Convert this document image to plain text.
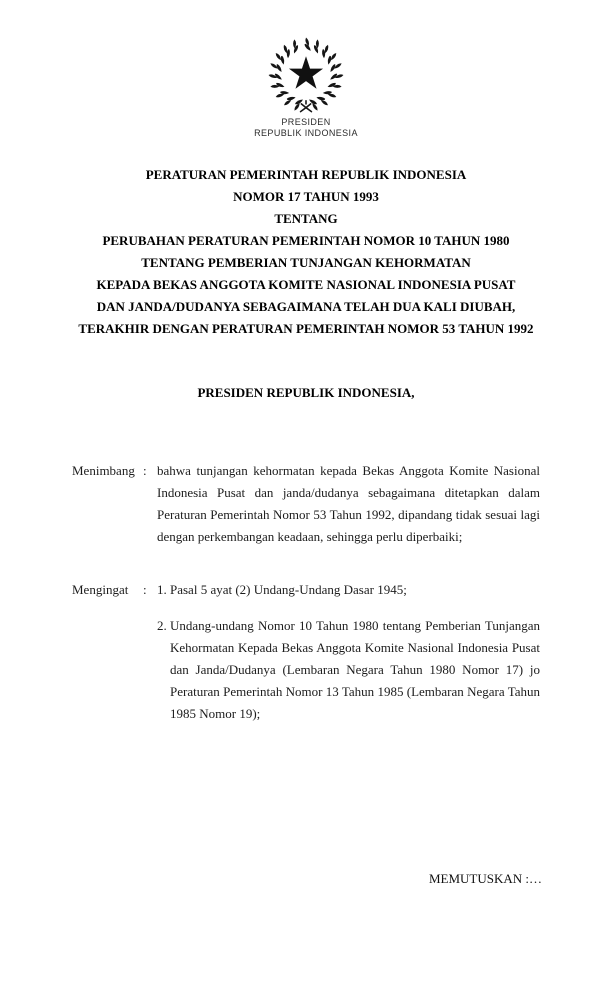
PRESIDEN
REPUBLIK INDONESIA
PERATURAN PEMERINTAH REPUBLIK INDONESIA
NOMOR 17 TAHUN 1993
TENTANG
PERUBAHAN PERATURAN PEMERINTAH NOMOR 10 TAHUN 1980
TENTANG PEMBERIAN TUNJANGAN KEHORMATAN
KEPADA BEKAS ANGGOTA KOMITE NASIONAL INDONESIA PUSAT
DAN JANDA/DUDANYA SEBAGAIMANA TELAH DUA KALI DIUBAH,
TERAKHIR DENGAN PERATURAN PEMERINTAH NOMOR 53 TAHUN 1992
PRESIDEN REPUBLIK INDONESIA,
Menimbang : bahwa tunjangan kehormatan kepada Bekas Anggota Komite Nasional Indonesia Pusat dan janda/dudanya sebagaimana ditetapkan dalam Peraturan Pemerintah Nomor 53 Tahun 1992, dipandang tidak sesuai lagi dengan perkembangan keadaan, sehingga perlu diperbaiki;
Mengingat	: 1. Pasal 5 ayat (2) Undang-Undang Dasar 1945;
2. Undang-undang Nomor 10 Tahun 1980 tentang Pemberian Tunjangan Kehormatan Kepada Bekas Anggota Komite Nasional Indonesia Pusat dan Janda/Dudanya (Lembaran Negara Tahun 1980 Nomor 17) jo Peraturan Pemerintah Nomor 13 Tahun 1985 (Lembaran Negara Tahun 1985 Nomor 19);
MEMUTUSKAN :…
